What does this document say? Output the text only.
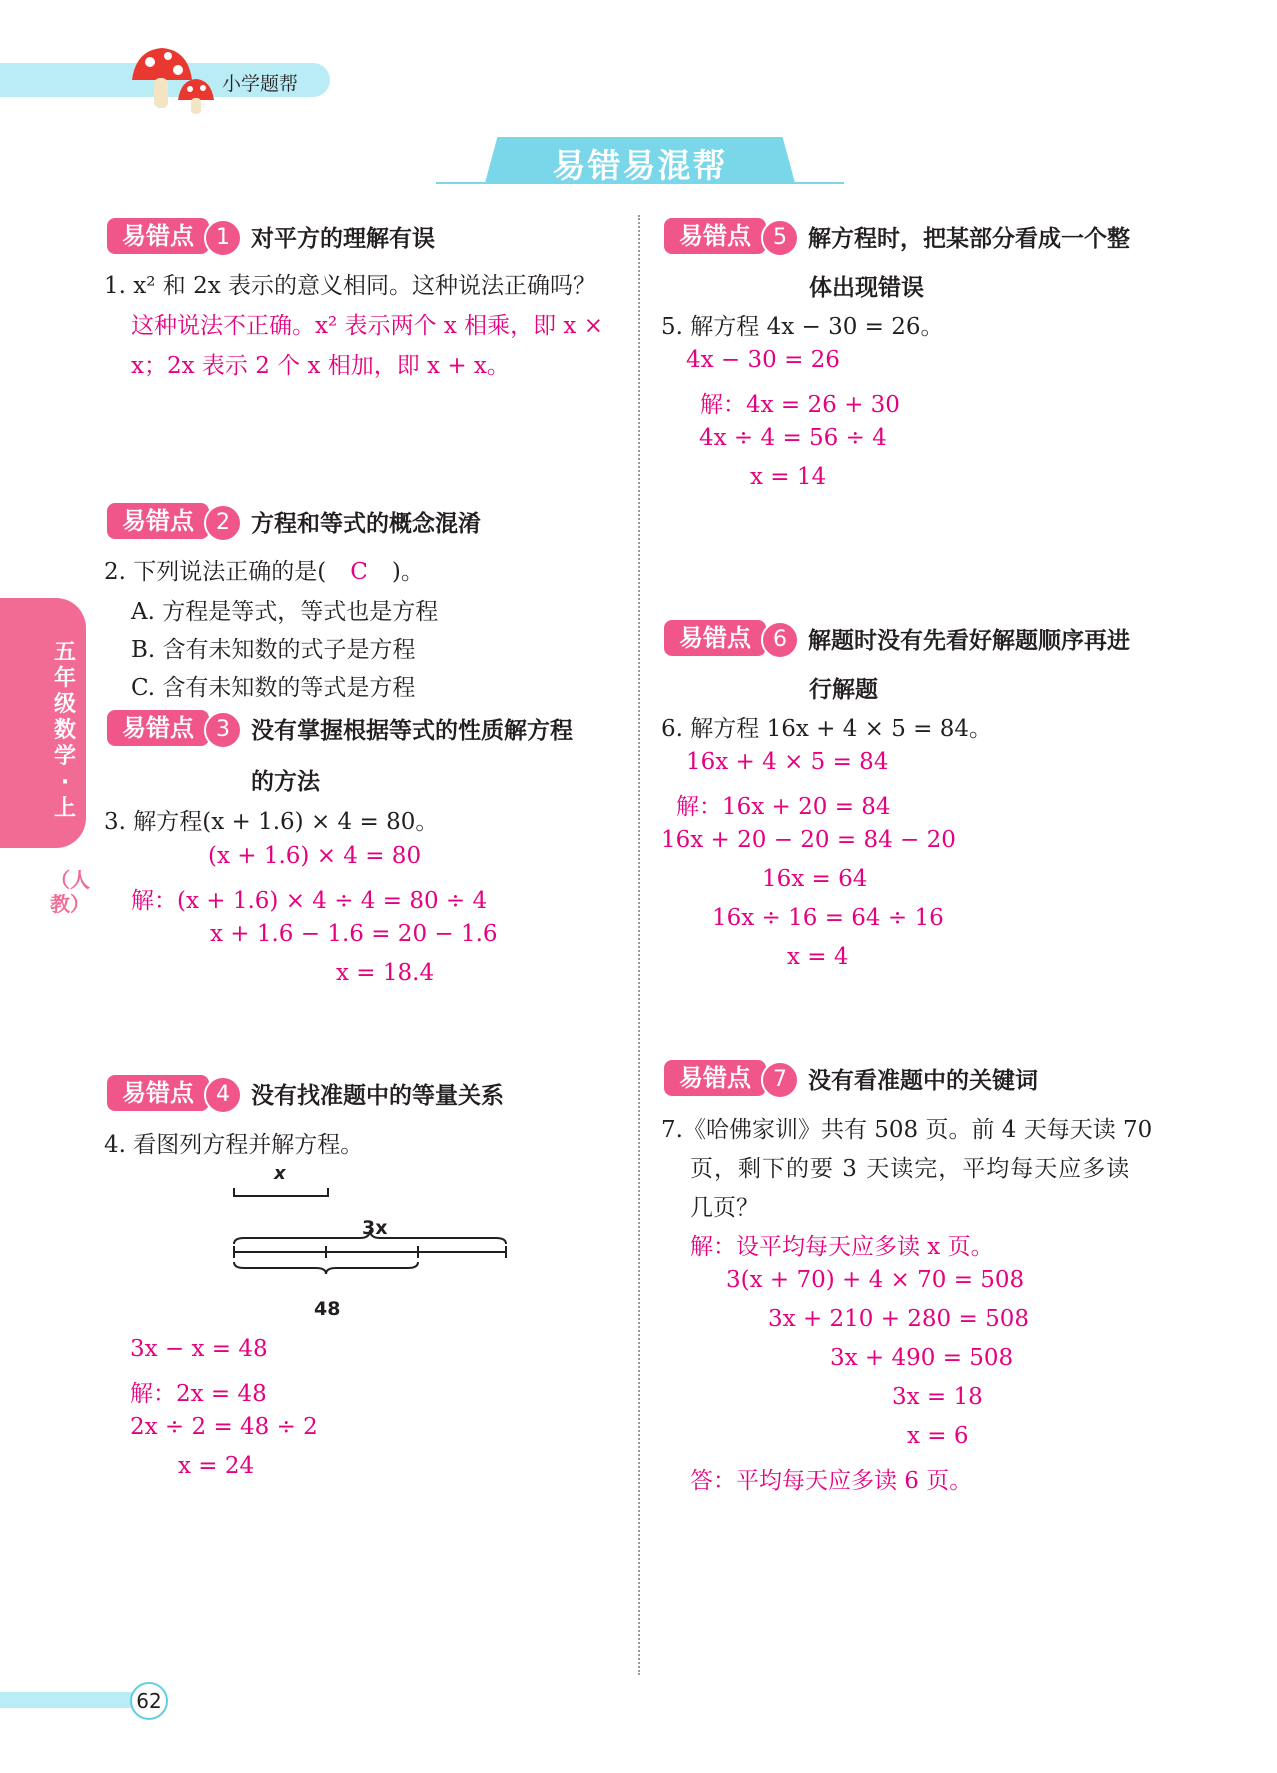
小学题帮
易错易混帮
五年级数学·上
（人教）
易错点	1 对平方的理解有误
1. x² 和 2x 表示的意义相同。这种说法正确吗？
这种说法不正确。x² 表示两个 x 相乘，即 x ×
x；2x 表示 2 个 x 相加，即 x + x。
易错点	2 方程和等式的概念混淆
2. 下列说法正确的是( C )。
A. 方程是等式，等式也是方程
B. 含有未知数的式子是方程
C. 含有未知数的等式是方程
易错点	3 没有掌握根据等式的性质解方程
的方法
3. 解方程(x + 1.6) × 4 = 80。
(x + 1.6) × 4 = 80
解：(x + 1.6) × 4 ÷ 4 = 80 ÷ 4
x + 1.6 − 1.6 = 20 − 1.6
x = 18.4
易错点	4 没有找准题中的等量关系
4. 看图列方程并解方程。
x
3x
48
3x − x = 48
解：2x = 48
2x ÷ 2 = 48 ÷ 2
x = 24
易错点	5 解方程时，把某部分看成一个整
体出现错误
5. 解方程 4x − 30 = 26。
4x − 30 = 26
解：4x = 26 + 30
4x ÷ 4 = 56 ÷ 4
x = 14
易错点	6 解题时没有先看好解题顺序再进
行解题
6. 解方程 16x + 4 × 5 = 84。
16x + 4 × 5 = 84
解：16x + 20 = 84
16x + 20 − 20 = 84 − 20
16x = 64
16x ÷ 16 = 64 ÷ 16
x = 4
易错点	7 没有看准题中的关键词
7.《哈佛家训》共有 508 页。前 4 天每天读 70
页，剩下的要 3 天读完，平均每天应多读
几页？
解：设平均每天应多读 x 页。
3(x + 70) + 4 × 70 = 508
3x + 210 + 280 = 508
3x + 490 = 508
3x = 18
x = 6
答：平均每天应多读 6 页。
62
